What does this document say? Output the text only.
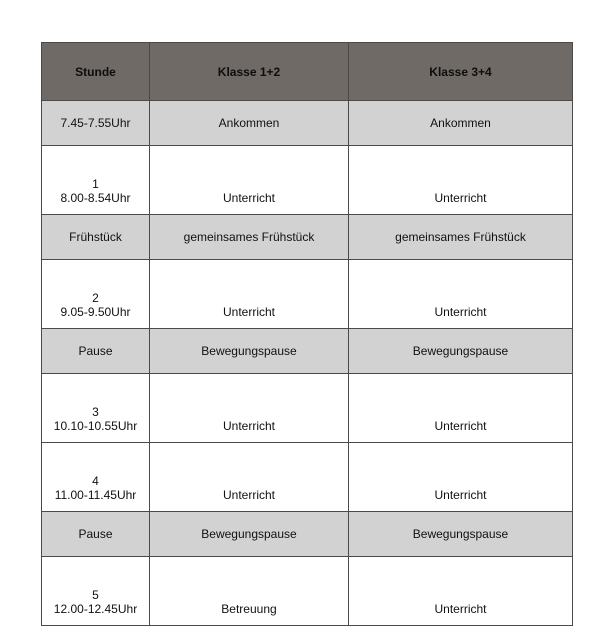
Stunde	Klasse 1+2	Klasse 3+4
7.45-7.55Uhr	Ankommen	Ankommen

1
8.00-8.54Uhr	Unterricht	Unterricht
Frühstück	gemeinsames Frühstück	gemeinsames Frühstück

2
9.05-9.50Uhr	Unterricht	Unterricht
Pause	Bewegungspause	Bewegungspause

3
10.10-10.55Uhr	Unterricht	Unterricht

4
11.00-11.45Uhr	Unterricht	Unterricht
Pause	Bewegungspause	Bewegungspause

5
12.00-12.45Uhr	Betreuung	Unterricht
